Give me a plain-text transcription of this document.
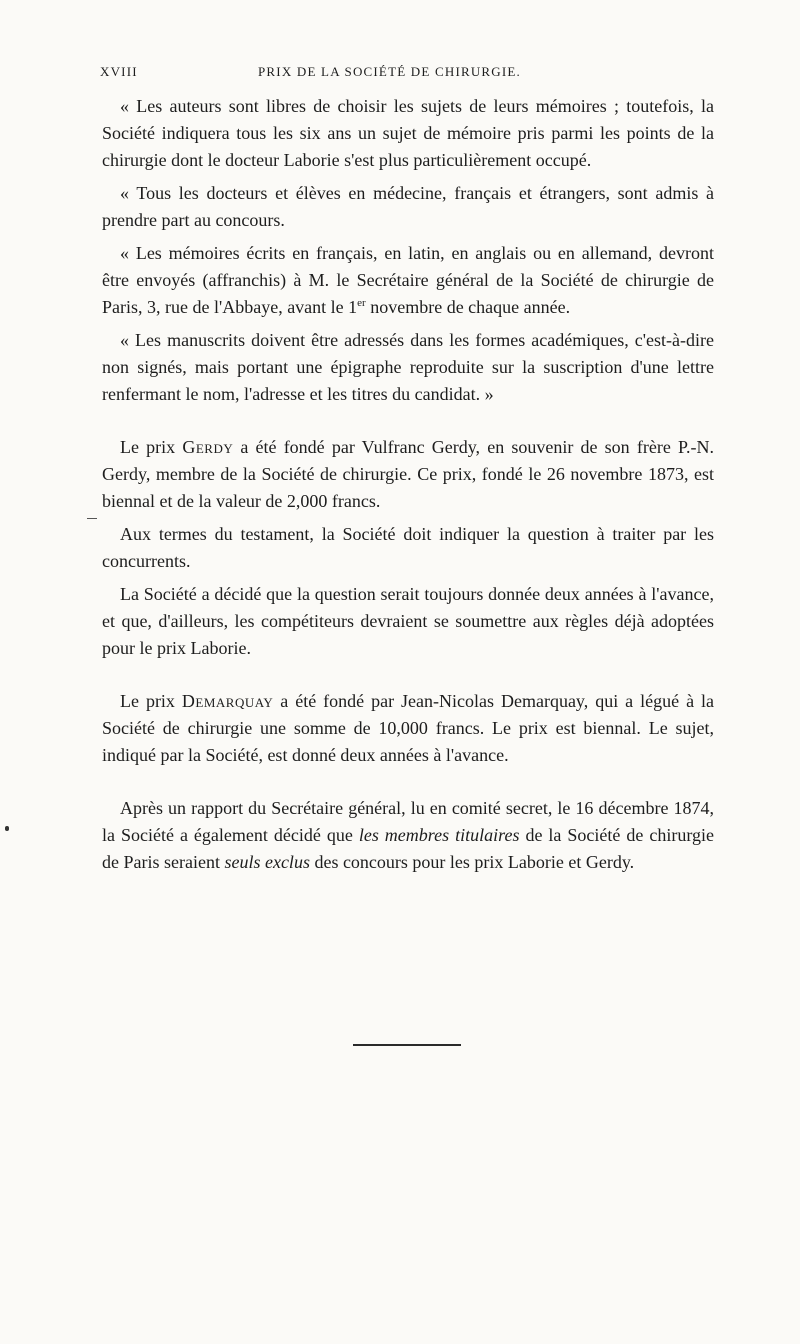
XVIII	PRIX DE LA SOCIÉTÉ DE CHIRURGIE.

« Les auteurs sont libres de choisir les sujets de leurs mémoires ; toutefois, la Société indiquera tous les six ans un sujet de mémoire pris parmi les points de la chirurgie dont le docteur Laborie s'est plus particulièrement occupé.

« Tous les docteurs et élèves en médecine, français et étrangers, sont admis à prendre part au concours.

« Les mémoires écrits en français, en latin, en anglais ou en allemand, devront être envoyés (affranchis) à M. le Secrétaire général de la Société de chirurgie de Paris, 3, rue de l'Abbaye, avant le 1er novembre de chaque année.

« Les manuscrits doivent être adressés dans les formes académiques, c'est-à-dire non signés, mais portant une épigraphe reproduite sur la suscription d'une lettre renfermant le nom, l'adresse et les titres du candidat. »

Le prix Gerdy a été fondé par Vulfranc Gerdy, en souvenir de son frère P.-N. Gerdy, membre de la Société de chirurgie. Ce prix, fondé le 26 novembre 1873, est biennal et de la valeur de 2,000 francs.

Aux termes du testament, la Société doit indiquer la question à traiter par les concurrents.

La Société a décidé que la question serait toujours donnée deux années à l'avance, et que, d'ailleurs, les compétiteurs devraient se soumettre aux règles déjà adoptées pour le prix Laborie.

Le prix Demarquay a été fondé par Jean-Nicolas Demarquay, qui a légué à la Société de chirurgie une somme de 10,000 francs. Le prix est biennal. Le sujet, indiqué par la Société, est donné deux années à l'avance.

Après un rapport du Secrétaire général, lu en comité secret, le 16 décembre 1874, la Société a également décidé que les membres titulaires de la Société de chirurgie de Paris seraient seuls exclus des concours pour les prix Laborie et Gerdy.
